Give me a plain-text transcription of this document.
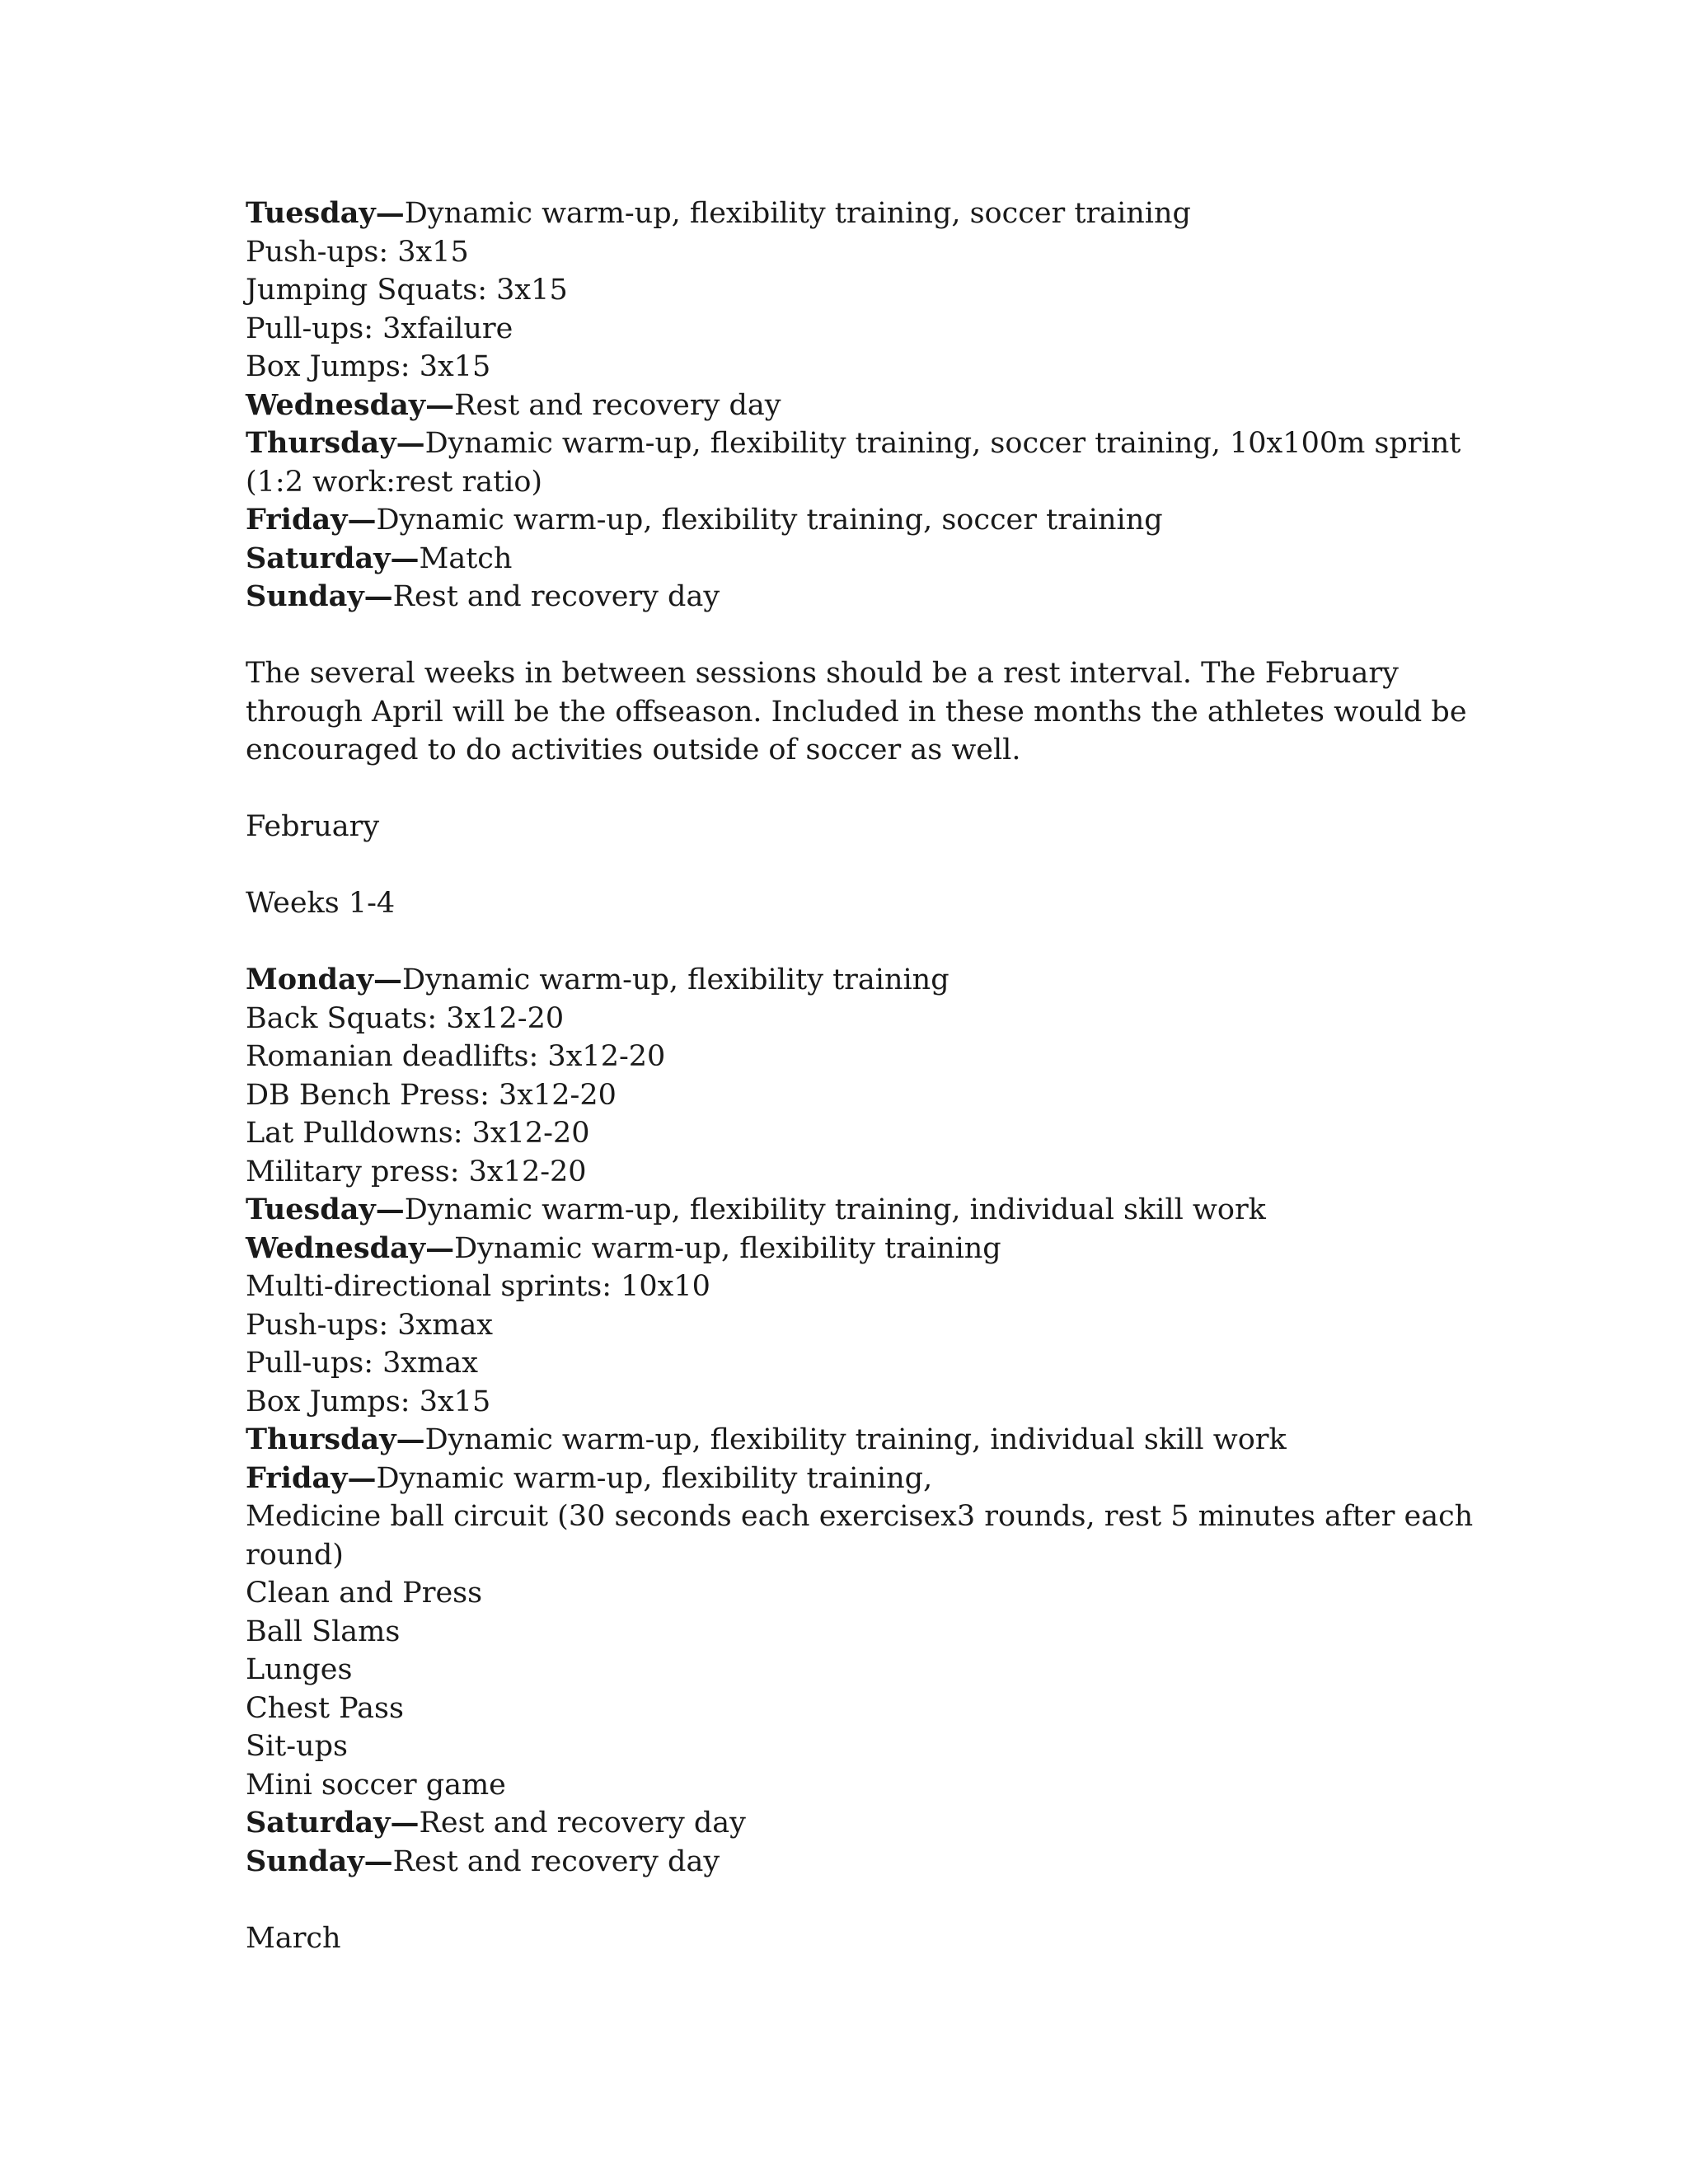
Tuesday—Dynamic warm-up, flexibility training, soccer training
Push-ups: 3x15
Jumping Squats: 3x15
Pull-ups: 3xfailure
Box Jumps: 3x15
Wednesday—Rest and recovery day
Thursday—Dynamic warm-up, flexibility training, soccer training, 10x100m sprint
(1:2 work:rest ratio)
Friday—Dynamic warm-up, flexibility training, soccer training
Saturday—Match
Sunday—Rest and recovery day
The several weeks in between sessions should be a rest interval. The February
through April will be the offseason. Included in these months the athletes would be
encouraged to do activities outside of soccer as well.
February
Weeks 1-4
Monday—Dynamic warm-up, flexibility training
Back Squats: 3x12-20
Romanian deadlifts: 3x12-20
DB Bench Press: 3x12-20
Lat Pulldowns: 3x12-20
Military press: 3x12-20
Tuesday—Dynamic warm-up, flexibility training, individual skill work
Wednesday—Dynamic warm-up, flexibility training
Multi-directional sprints: 10x10
Push-ups: 3xmax
Pull-ups: 3xmax
Box Jumps: 3x15
Thursday—Dynamic warm-up, flexibility training, individual skill work
Friday—Dynamic warm-up, flexibility training,
Medicine ball circuit (30 seconds each exercisex3 rounds, rest 5 minutes after each
round)
Clean and Press
Ball Slams
Lunges
Chest Pass
Sit-ups
Mini soccer game
Saturday—Rest and recovery day
Sunday—Rest and recovery day
March
